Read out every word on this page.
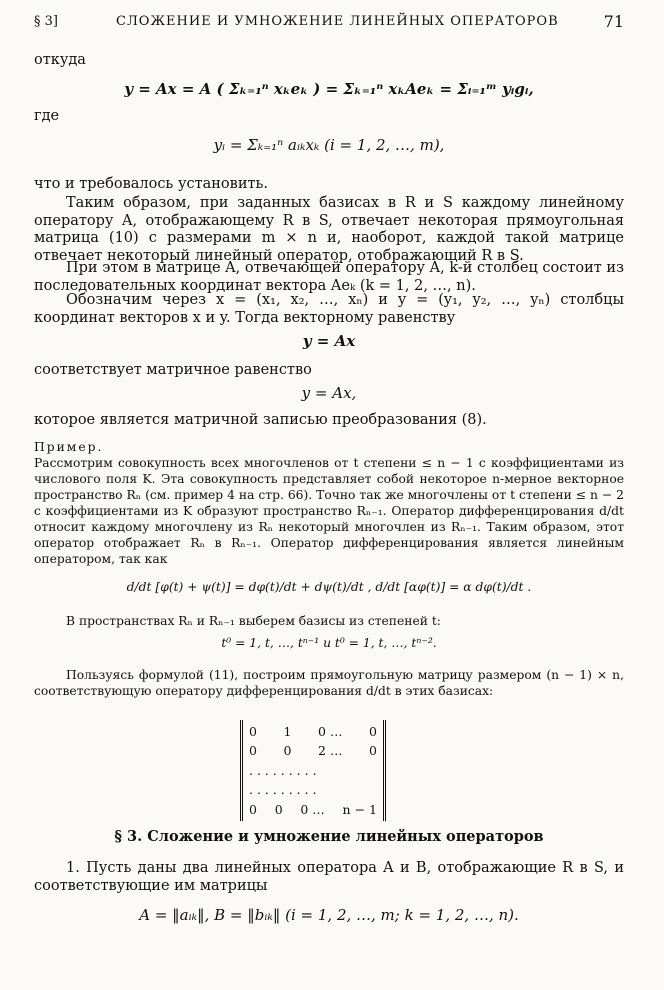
§ 3]	СЛОЖЕНИЕ И УМНОЖЕНИЕ ЛИНЕЙНЫХ ОПЕРАТОРОВ	71

откуда

y = Ax = A ( Σₖ₌₁ⁿ xₖeₖ ) = Σₖ₌₁ⁿ xₖAeₖ = Σᵢ₌₁ᵐ yᵢgᵢ,

где

yᵢ = Σₖ₌₁ⁿ aᵢₖxₖ (i = 1, 2, …, m),

что и требовалось установить.

Таким образом, при заданных базисах в R и S каждому линейному оператору A, отображающему R в S, отвечает некоторая прямоугольная матрица (10) с размерами m × n и, наоборот, каждой такой матрице отвечает некоторый линейный оператор, отображающий R в S.

При этом в матрице A, отвечающей оператору A, k-й столбец состоит из последовательных координат вектора Aeₖ (k = 1, 2, …, n).

Обозначим через x = (x₁, x₂, …, xₙ) и y = (y₁, y₂, …, yₙ) столбцы координат векторов x и y. Тогда векторному равенству

y = Ax

соответствует матричное равенство

y = Ax,

которое является матричной записью преобразования (8).

Пример.

Рассмотрим совокупность всех многочленов от t степени ≤ n − 1 с коэффициентами из числового поля K. Эта совокупность представляет собой некоторое n-мерное векторное пространство Rₙ (см. пример 4 на стр. 66). Точно так же многочлены от t степени ≤ n − 2 с коэффициентами из K образуют пространство Rₙ₋₁. Оператор дифференцирования d/dt относит каждому многочлену из Rₙ некоторый многочлен из Rₙ₋₁. Таким образом, этот оператор отображает Rₙ в Rₙ₋₁. Оператор дифференцирования является линейным оператором, так как

d/dt [φ(t) + ψ(t)] = dφ(t)/dt + dψ(t)/dt , d/dt [αφ(t)] = α dφ(t)/dt .

В пространствах Rₙ и Rₙ₋₁ выберем базисы из степеней t:

t⁰ = 1, t, …, tⁿ⁻¹ и t⁰ = 1, t, …, tⁿ⁻².

Пользуясь формулой (11), построим прямоугольную матрицу размером (n − 1) × n, соответствующую оператору дифференцирования d/dt в этих базисах:

0 1 0 … 0
0 0 2 … 0
. . . . . . . . .
. . . . . . . . .
0 0 0 … n − 1

§ 3. Сложение и умножение линейных операторов

1. Пусть даны два линейных оператора A и B, отображающие R в S, и соответствующие им матрицы

A = ‖aᵢₖ‖, B = ‖bᵢₖ‖ (i = 1, 2, …, m; k = 1, 2, …, n).
